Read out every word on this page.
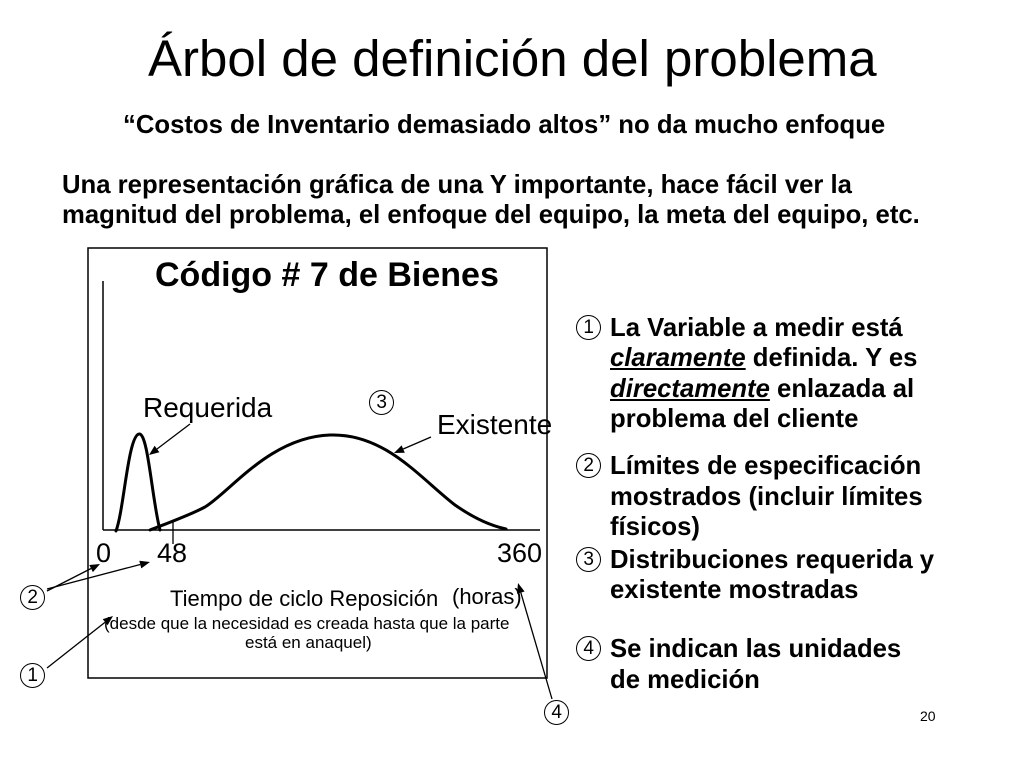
Árbol de definición del problema
“Costos de Inventario demasiado altos” no da mucho enfoque
Una representación gráfica de una Y importante, hace fácil ver la
magnitud del problema, el enfoque del equipo, la meta del equipo, etc.
Código # 7 de Bienes
Requerida
Existente
0 48	360
Tiempo de ciclo Reposición (horas)
(desde que la necesidad es creada hasta que la parte
está en anaquel)
1
2
3
4
1 La Variable a medir está
claramente definida. Y es
directamente enlazada al
problema del cliente
2 Límites de especificación
mostrados (incluir límites
físicos)
3 Distribuciones requerida y
existente mostradas
4 Se indican las unidades
de medición
20
